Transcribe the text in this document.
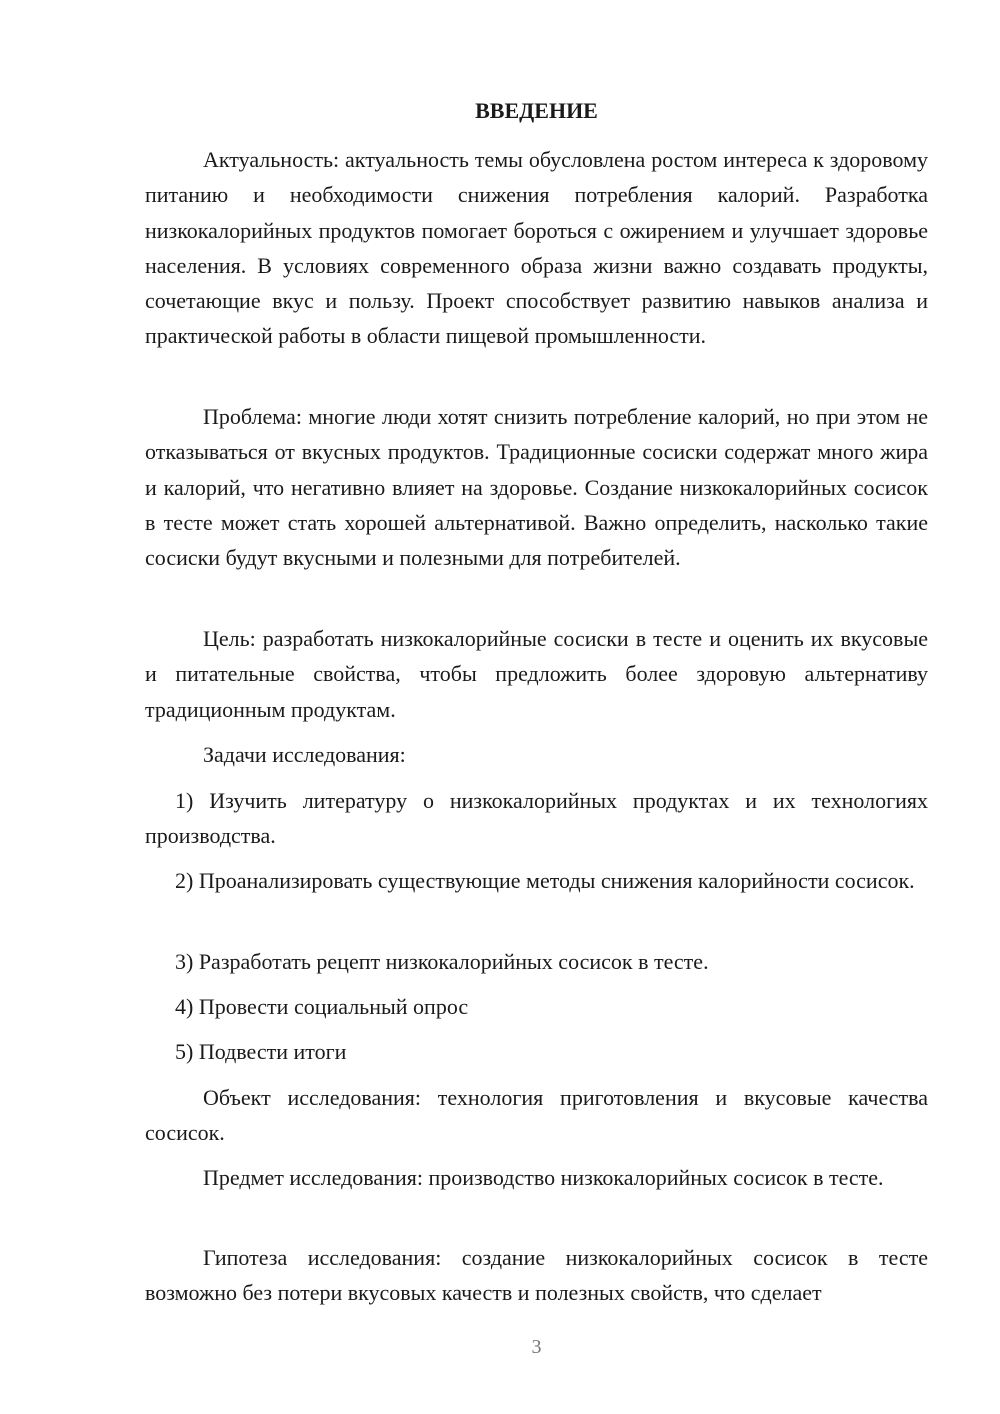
ВВЕДЕНИЕ

Актуальность: актуальность темы обусловлена ростом интереса к здоровому питанию и необходимости снижения потребления калорий. Разработка низкокалорийных продуктов помогает бороться с ожирением и улучшает здоровье населения. В условиях современного образа жизни важно создавать продукты, сочетающие вкус и пользу. Проект способствует развитию навыков анализа и практической работы в области пищевой промышленности.

Проблема: многие люди хотят снизить потребление калорий, но при этом не отказываться от вкусных продуктов. Традиционные сосиски содержат много жира и калорий, что негативно влияет на здоровье. Создание низкокалорийных сосисок в тесте может стать хорошей альтернативой. Важно определить, насколько такие сосиски будут вкусными и полезными для потребителей.

Цель: разработать низкокалорийные сосиски в тесте и оценить их вкусовые и питательные свойства, чтобы предложить более здоровую альтернативу традиционным продуктам.

Задачи исследования:

1) Изучить литературу о низкокалорийных продуктах и их технологиях производства.

2) Проанализировать существующие методы снижения калорийности сосисок.

3) Разработать рецепт низкокалорийных сосисок в тесте.

4) Провести социальный опрос

5) Подвести итоги

Объект исследования: технология приготовления и вкусовые качества сосисок.

Предмет исследования: производство низкокалорийных сосисок в тесте.

Гипотеза исследования: создание низкокалорийных сосисок в тесте возможно без потери вкусовых качеств и полезных свойств, что сделает

3
